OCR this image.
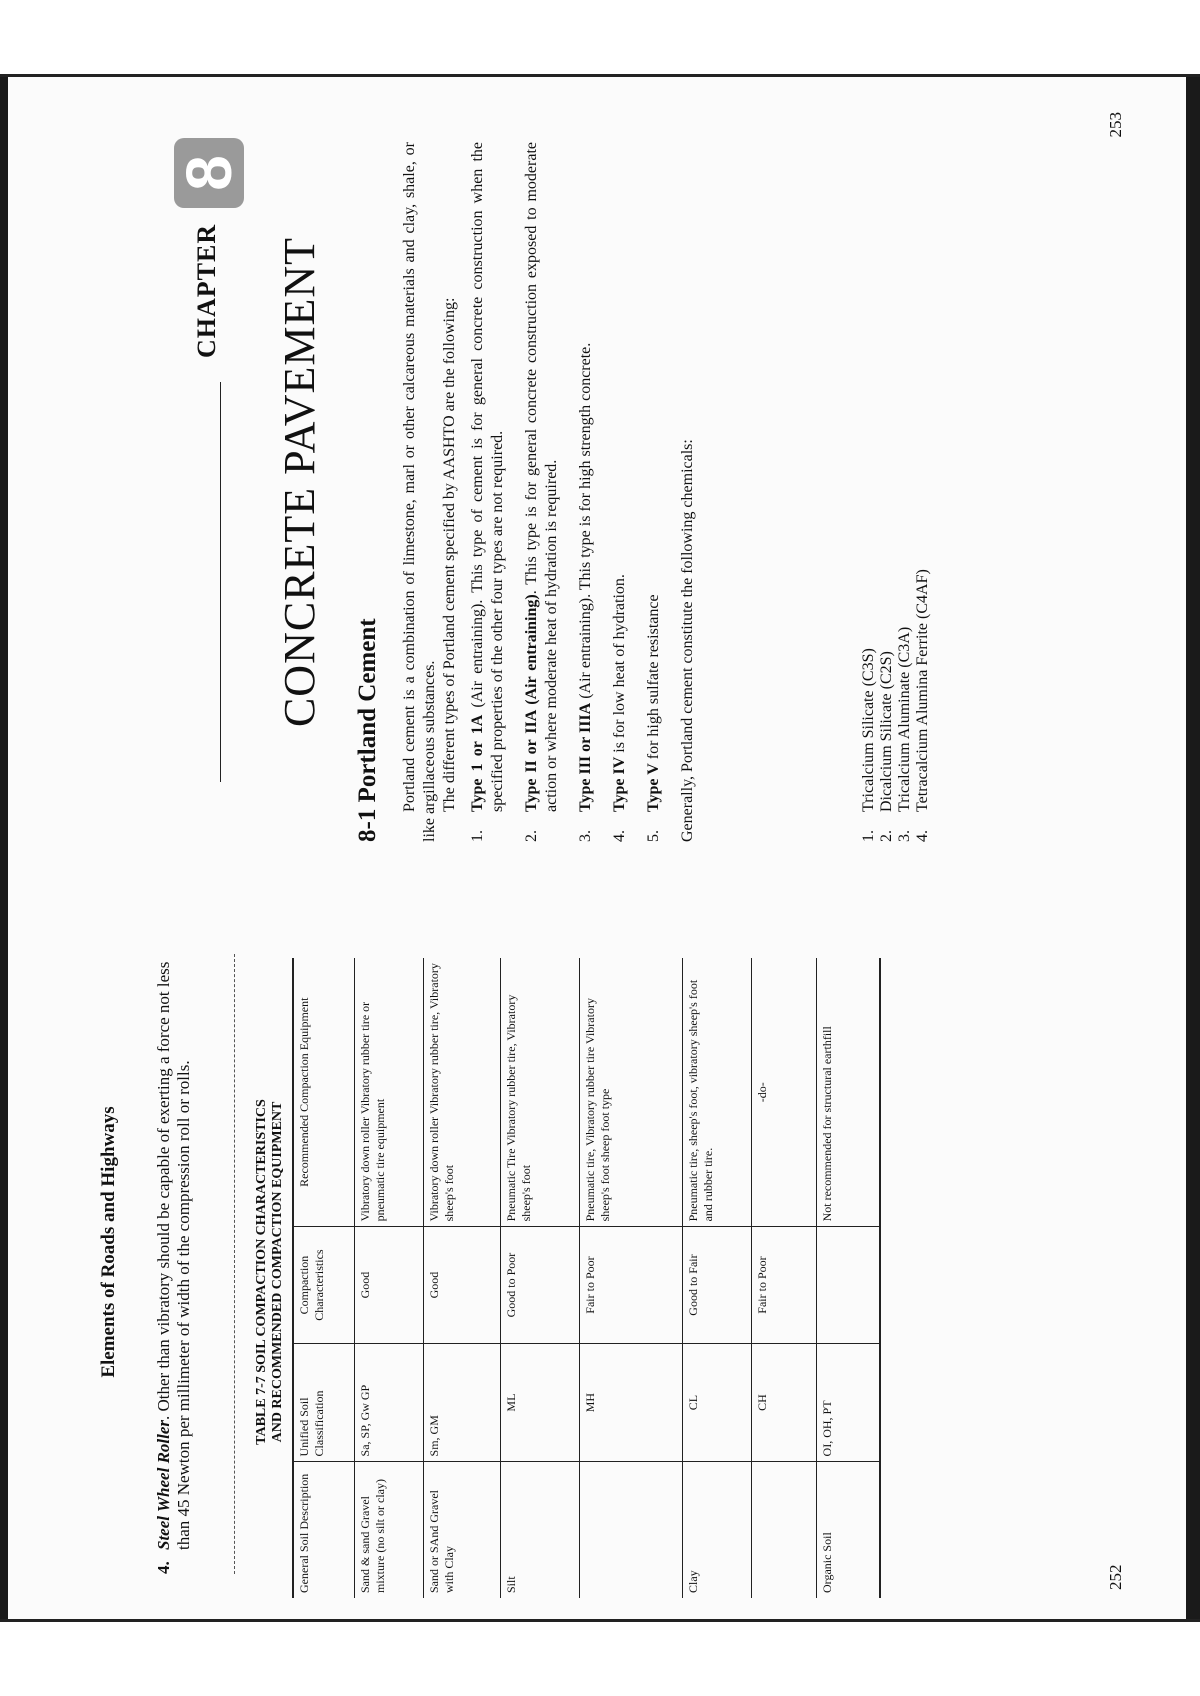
Elements of Roads and Highways
4.
Steel Wheel Roller. Other than vibratory should be capable of exerting a force not less than 45 Newton per millimeter of width of the compression roll or rolls.	TABLE 7-7 SOIL COMPACTION CHARACTERISTICS AND RECOMMENDED COMPACTION EQUIPMENT
General Soil Description	Unified Soil Classification	Compaction Characteristics	Recommended Compaction Equipment
Sand & sand Gravel mixture (no silt or clay)	Sa, SP, Gw GP	Good	Vibratory down roller Vibratory rubber tire or pneumatic tire equipment
Sand or SAnd Gravel with Clay	Sm, GM	Good	Vibratory down roller Vibratory rubber tire, Vibratory sheep's foot
Silt	ML	Good to Poor	Pneumatic Tire Vibratory rubber tire, Vibratory sheep's foot
	MH	Fair to Poor	Pneumatic tire, Vibratory rubber tire Vibratory sheep's foot sheep foot type
Clay	CL	Good to Fair	Pneumatic tire, sheep's foot, vibratory sheep's foot and rubber tire.
	CH	Fair to Poor	-do-
Organic Soil	OI, OH, PT		Not recommended for structural earthfill
252
CHAPTER
8
CONCRETE PAVEMENT
8-1 Portland Cement Portland cement is a combination of limestone, marl or other calcareous materials and clay, shale, or like argillaceous substances. The different types of Portland cement specified by AASHTO are the following:

1.
Type 1 or 1A (Air entraining). This type of cement is for general concrete construction when the specified properties of the other four types are not required.
2.
Type II or IIA (Air entraining). This type is for general concrete construction exposed to moderate action or where moderate heat of hydration is required.
3.
Type III or IIIA (Air entraining). This type is for high strength concrete.
4.
Type IV is for low heat of hydration.
5.
Type V for high sulfate resistance Generally, Portland cement constitute the following chemicals:	1.
Tricalcium Silicate (C3S)
2.
Dicalcium Silicate (C2S)
3.
Tricalcium Aluminate (C3A)
4.
Tetracalcium Alumina Ferrite (C4AF)
253
